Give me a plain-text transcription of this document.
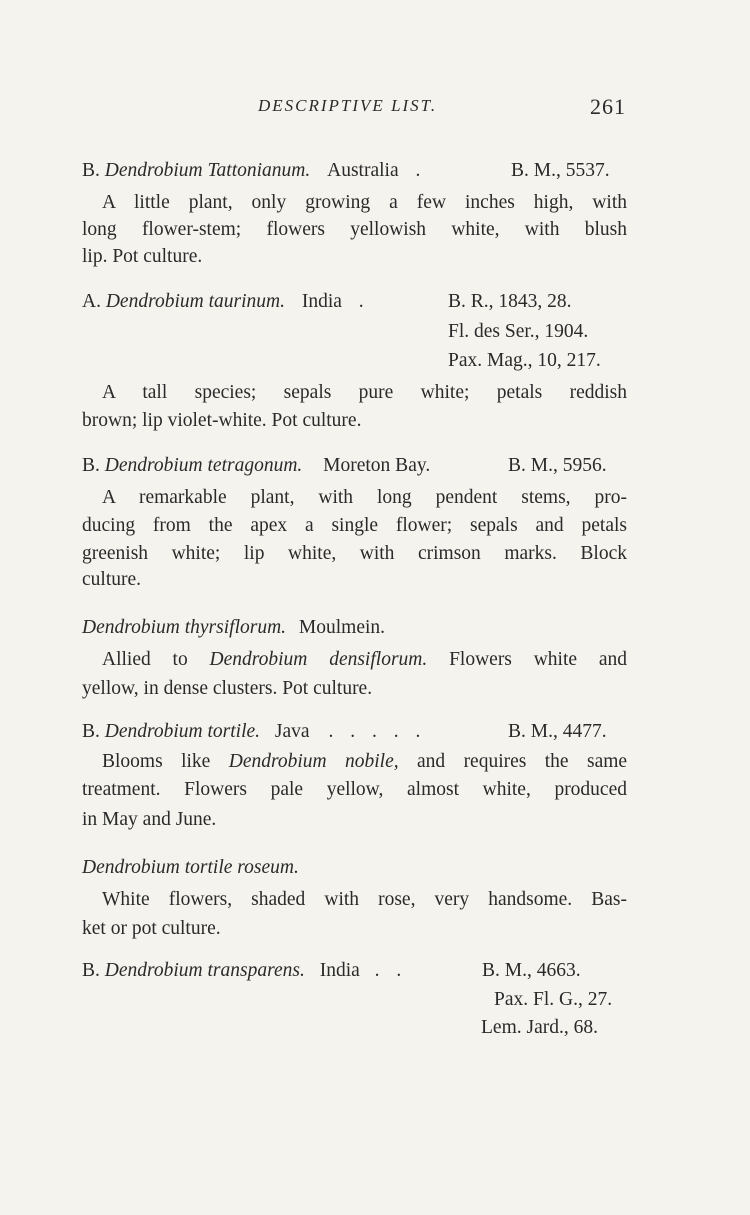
DESCRIPTIVE LIST.	261
B. Dendrobium Tattonianum. Australia .	B. M., 5537.
A little plant, only growing a few inches high, with
long flower-stem; flowers yellowish white, with blush
lip. Pot culture.
A. Dendrobium taurinum. India .	B. R., 1843, 28.
Fl. des Ser., 1904.
Pax. Mag., 10, 217.
A tall species; sepals pure white; petals reddish
brown; lip violet-white. Pot culture.
B. Dendrobium tetragonum. Moreton Bay.	B. M., 5956.
A remarkable plant, with long pendent stems, pro-
ducing from the apex a single flower; sepals and petals
greenish white; lip white, with crimson marks. Block
culture.
Dendrobium thyrsiflorum. Moulmein.
Allied to Dendrobium densiflorum. Flowers white and
yellow, in dense clusters. Pot culture.
B. Dendrobium tortile. Java . . . . .	B. M., 4477.
Blooms like Dendrobium nobile, and requires the same
treatment. Flowers pale yellow, almost white, produced
in May and June.
Dendrobium tortile roseum.
White flowers, shaded with rose, very handsome. Bas-
ket or pot culture.
B. Dendrobium transparens. India . .	B. M., 4663.
Pax. Fl. G., 27.
Lem. Jard., 68.
